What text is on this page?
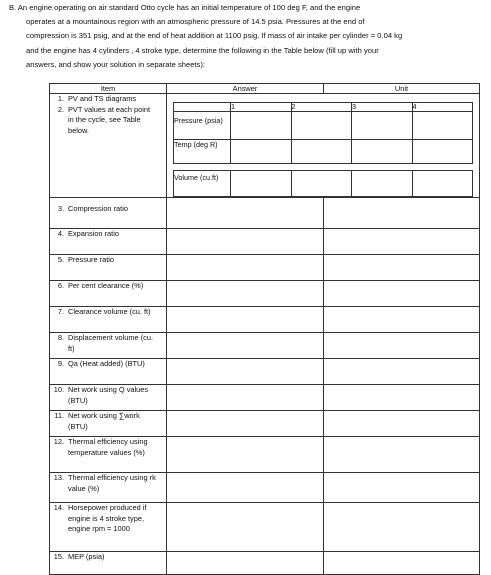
B. An engine operating on air standard Otto cycle has an initial temperature of 100 deg F, and the engine

operates at a mountainous region with an atmospheric pressure of 14.5 psia. Pressures at the end of

compression is 351 psig, and at the end of heat addition at 1100 psig. If mass of air intake per cylinder = 0.04 kg

and the engine has 4 cylinders , 4 stroke type, determine the following in the Table below (fill up with your

answers, and show your solution in separate sheets):

Item	Answer	Unit

1. PV and TS diagrams
2. PVT values at each point in the cycle, see Table below.

	1	2	3	4
Pressure (psia)				
Temp (deg R)				

Volume (cu.ft)				

3. Compression ratio		
4. Expansion ratio		
5. Pressure ratio		
6. Per cent clearance (%)		
7. Clearance volume (cu. ft)		
8. Displacement volume (cu. ft)		
9. Qa (Heat added) (BTU)		
10. Net work using Q values (BTU)		
11. Net work using ∑work (BTU)		
12. Thermal efficiency using temperature values (%)		
13. Thermal efficiency using rk value (%)		
14. Horsepower produced if engine is 4 stroke type, engine rpm = 1000		
15. MEP (psia)		
